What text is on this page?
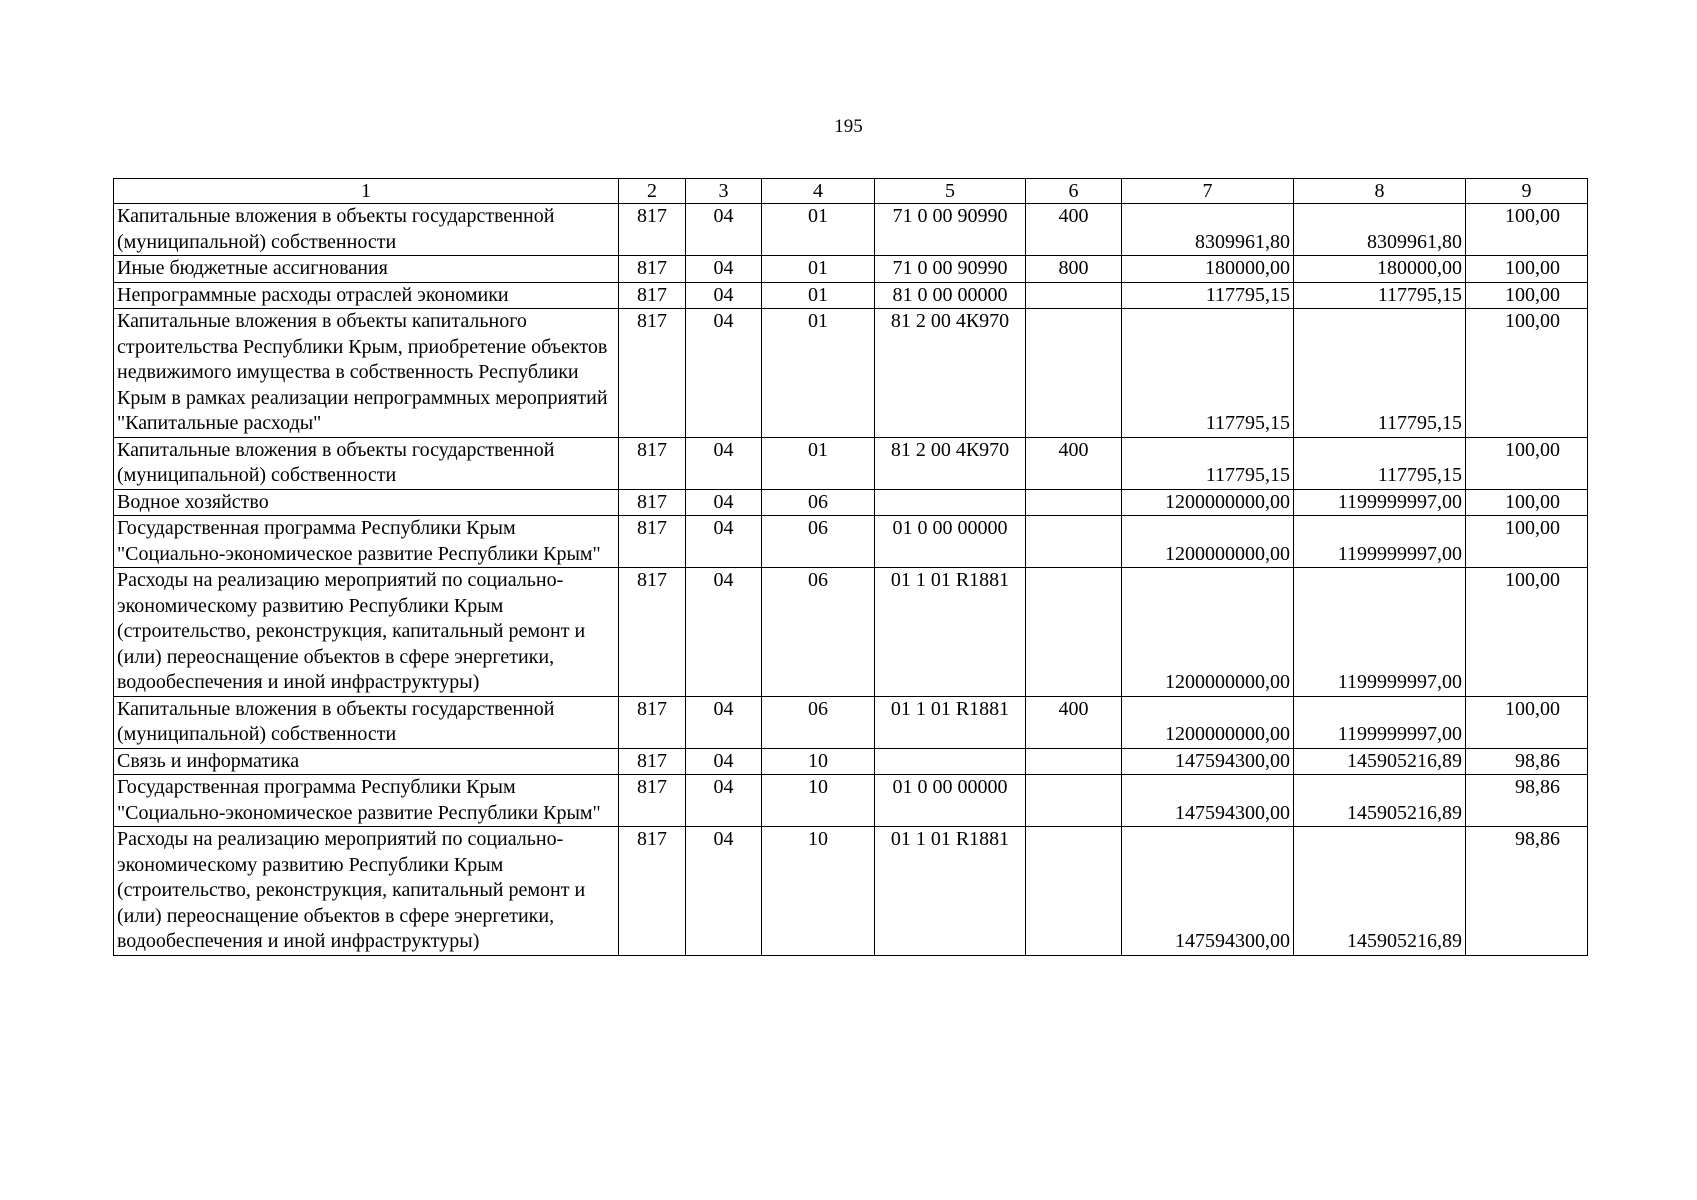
195
1	2	3	4	5	6	7	8	9
Капитальные вложения в объекты государственной (муниципальной) собственности	817	04	01	71 0 00 90990	400	8309961,80	8309961,80	100,00
Иные бюджетные ассигнования	817	04	01	71 0 00 90990	800	180000,00	180000,00	100,00
Непрограммные расходы отраслей экономики	817	04	01	81 0 00 00000		117795,15	117795,15	100,00
Капитальные вложения в объекты капитального строительства Республики Крым, приобретение объектов недвижимого имущества в собственность Республики Крым в рамках реализации непрограммных мероприятий "Капитальные расходы"	817	04	01	81 2 00 4К970		117795,15	117795,15	100,00
Капитальные вложения в объекты государственной (муниципальной) собственности	817	04	01	81 2 00 4К970	400	117795,15	117795,15	100,00
Водное хозяйство	817	04	06			1200000000,00	1199999997,00	100,00
Государственная программа Республики Крым "Социально-экономическое развитие Республики Крым"	817	04	06	01 0 00 00000		1200000000,00	1199999997,00	100,00
Расходы на реализацию мероприятий по социально-экономическому развитию Республики Крым (строительство, реконструкция, капитальный ремонт и (или) переоснащение объектов в сфере энергетики, водообеспечения и иной инфраструктуры)	817	04	06	01 1 01 R1881		1200000000,00	1199999997,00	100,00
Капитальные вложения в объекты государственной (муниципальной) собственности	817	04	06	01 1 01 R1881	400	1200000000,00	1199999997,00	100,00
Связь и информатика	817	04	10			147594300,00	145905216,89	98,86
Государственная программа Республики Крым "Социально-экономическое развитие Республики Крым"	817	04	10	01 0 00 00000		147594300,00	145905216,89	98,86
Расходы на реализацию мероприятий по социально-экономическому развитию Республики Крым (строительство, реконструкция, капитальный ремонт и (или) переоснащение объектов в сфере энергетики, водообеспечения и иной инфраструктуры)	817	04	10	01 1 01 R1881		147594300,00	145905216,89	98,86
